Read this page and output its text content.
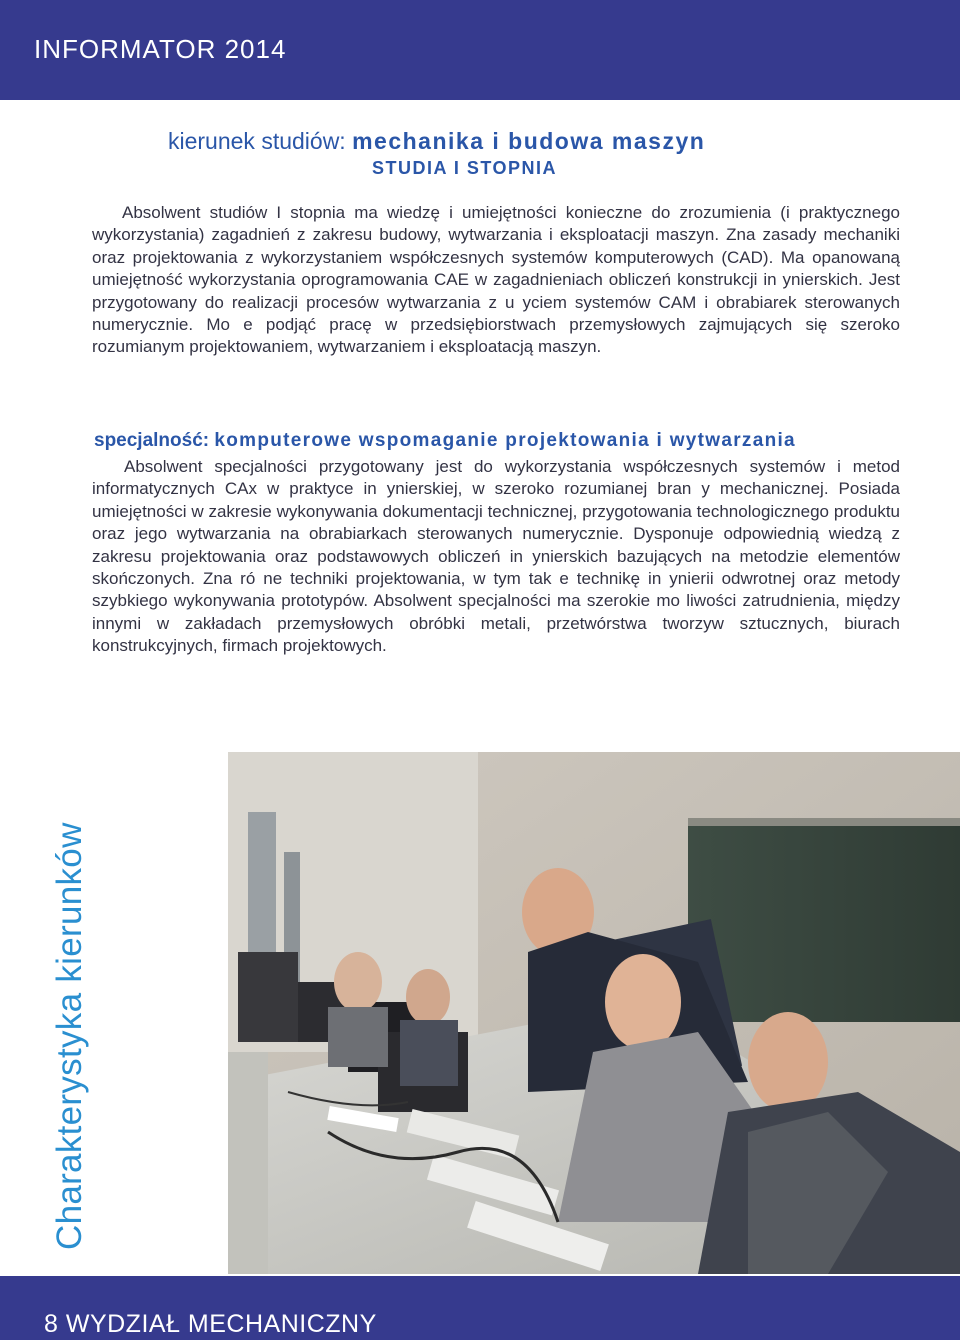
INFORMATOR 2014
Charakterystyka kierunków
kierunek studiów: mechanika i budowa maszyn
STUDIA I STOPNIA

Absolwent studiów I stopnia ma wiedzę i umiejętności konieczne do zrozumienia (i praktycznego wykorzystania) zagadnień z zakresu budowy, wytwarzania i eksploatacji maszyn. Zna zasady mechaniki oraz projektowania z wykorzystaniem współczesnych systemów komputerowych (CAD). Ma opanowaną umiejętność wykorzystania oprogramowania CAE w zagadnieniach obliczeń konstrukcji in ynierskich. Jest przygotowany do realizacji procesów wytwarzania z u yciem systemów CAM i obrabiarek sterowanych numerycznie. Mo e podjąć pracę w przedsiębiorstwach przemysłowych zajmujących się szeroko rozumianym projektowaniem, wytwarzaniem i eksploatacją maszyn.

specjalność: komputerowe wspomaganie projektowania i wytwarzania

Absolwent specjalności przygotowany jest do wykorzystania współczesnych systemów i metod informatycznych CAx w praktyce in ynierskiej, w szeroko rozumianej bran y mechanicznej. Posiada umiejętności w zakresie wykonywania dokumentacji technicznej, przygotowania technologicznego produktu oraz jego wytwarzania na obrabiarkach sterowanych numerycznie. Dysponuje odpowiednią wiedzą z zakresu projektowania oraz podstawowych obliczeń in ynierskich bazujących na metodzie elementów skończonych. Zna ró ne techniki projektowania, w tym tak e technikę in ynierii odwrotnej oraz metody szybkiego wykonywania prototypów. Absolwent specjalności ma szerokie mo liwości zatrudnienia, między innymi w zakładach przemysłowych obróbki metali, przetwórstwa tworzyw sztucznych, biurach konstrukcyjnych, firmach projektowych.

8 WYDZIAŁ MECHANICZNY
